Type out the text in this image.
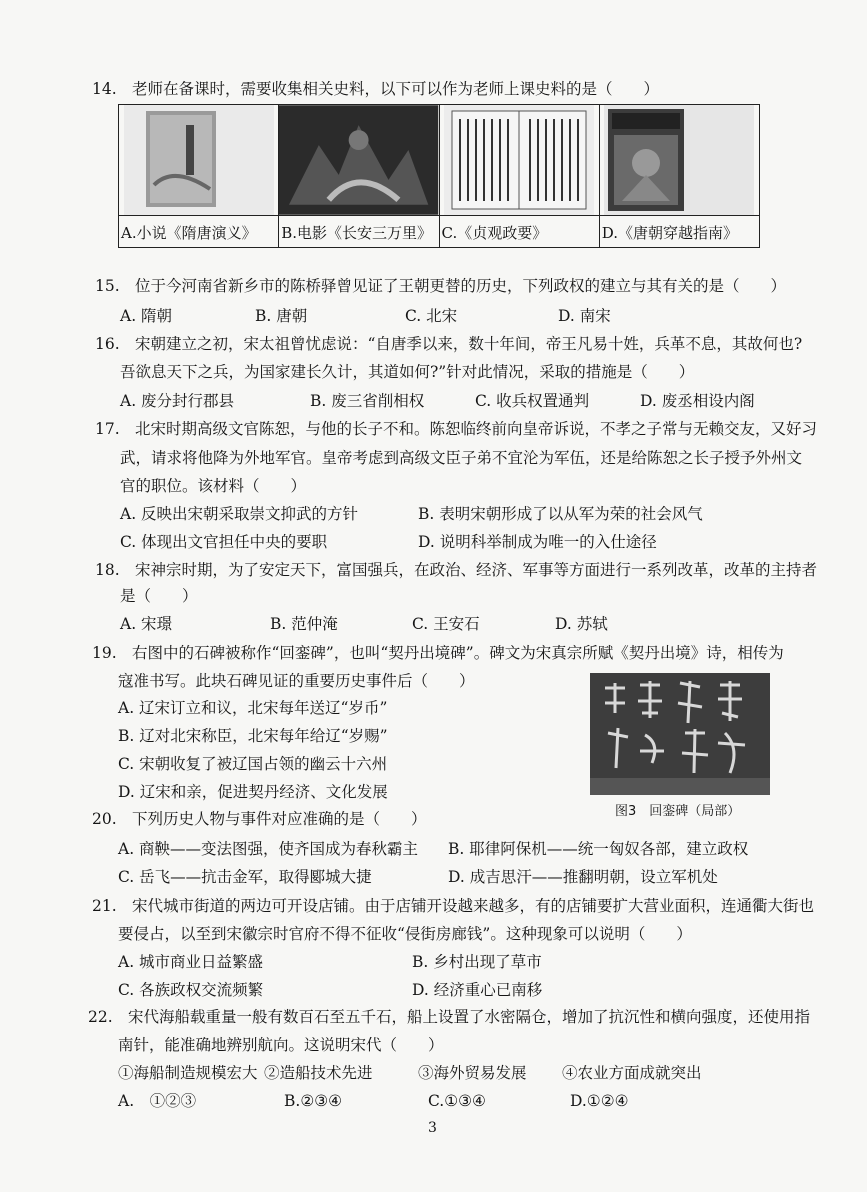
14. 老师在备课时，需要收集相关史料，以下可以作为老师上课史料的是（　　）
A.小说《隋唐演义》	B.电影《长安三万里》 C.《贞观政要》	D.《唐朝穿越指南》
15. 位于今河南省新乡市的陈桥驿曾见证了王朝更替的历史，下列政权的建立与其有关的是（　　）
A. 隋朝	B. 唐朝	C. 北宋	D. 南宋
16. 宋朝建立之初，宋太祖曾忧虑说：“自唐季以来，数十年间，帝王凡易十姓，兵革不息，其故何也?
吾欲息天下之兵，为国家建长久计，其道如何?”针对此情况，采取的措施是（　　）
A. 废分封行郡县	B. 废三省削相权	C. 收兵权置通判	D. 废丞相设内阁
17. 北宋时期高级文官陈恕，与他的长子不和。陈恕临终前向皇帝诉说，不孝之子常与无赖交友，又好习
武，请求将他降为外地军官。皇帝考虑到高级文臣子弟不宜沦为军伍，还是给陈恕之长子授予外州文
官的职位。该材料（　　）
A. 反映出宋朝采取崇文抑武的方针	B. 表明宋朝形成了以从军为荣的社会风气
C. 体现出文官担任中央的要职	D. 说明科举制成为唯一的入仕途径
18. 宋神宗时期，为了安定天下，富国强兵，在政治、经济、军事等方面进行一系列改革，改革的主持者
是（　　）
A. 宋璟	B. 范仲淹	C. 王安石	D. 苏轼
19. 右图中的石碑被称作“回銮碑”，也叫“契丹出境碑”。碑文为宋真宗所赋《契丹出境》诗，相传为
寇准书写。此块石碑见证的重要历史事件后（　　）
A. 辽宋订立和议，北宋每年送辽“岁币”
B. 辽对北宋称臣，北宋每年给辽“岁赐”
C. 宋朝收复了被辽国占领的幽云十六州
D. 辽宋和亲，促进契丹经济、文化发展
图3　回銮碑（局部）
20. 下列历史人物与事件对应准确的是（　　）
A. 商鞅——变法图强，使齐国成为春秋霸主 B. 耶律阿保机——统一匈奴各部，建立政权
C. 岳飞——抗击金军，取得郾城大捷	D. 成吉思汗——推翻明朝，设立军机处
21. 宋代城市街道的两边可开设店铺。由于店铺开设越来越多，有的店铺要扩大营业面积，连通衢大街也
要侵占，以至到宋徽宗时官府不得不征收“侵街房廊钱”。这种现象可以说明（　　）
A. 城市商业日益繁盛	B. 乡村出现了草市
C. 各族政权交流频繁	D. 经济重心已南移
22. 宋代海船载重量一般有数百石至五千石，船上设置了水密隔仓，增加了抗沉性和横向强度，还使用指
南针，能准确地辨别航向。这说明宋代（　　）
①海船制造规模宏大 ②造船技术先进	③海外贸易发展 ④农业方面成就突出
A.　①②③	B.②③④	C.①③④	D.①②④
3
